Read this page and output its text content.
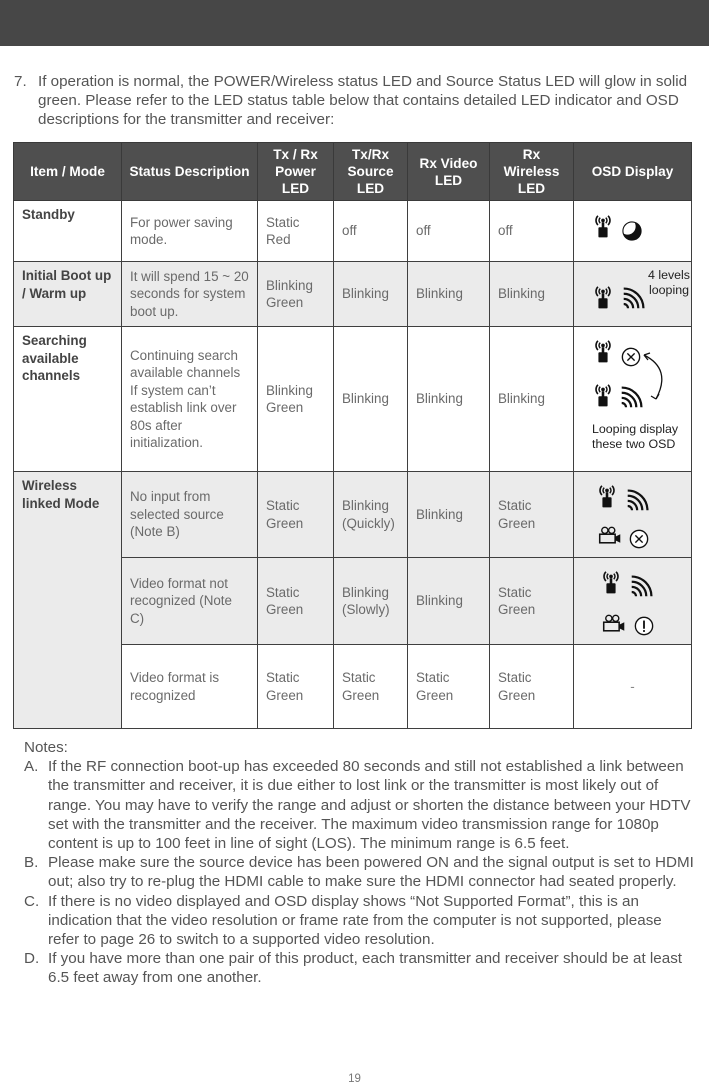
7. If operation is normal, the POWER/Wireless status LED and Source Status LED will glow in solid green. Please refer to the LED status table below that contains detailed LED indicator and OSD descriptions for the transmitter and receiver:
Item / Mode	Status Description	Tx / Rx Power LED	Tx/Rx Source LED	Rx Video LED	Rx Wireless LED	OSD Display
Standby	For power saving mode.	Static Red	off	off	off	

Initial Boot up / Warm up	It will spend 15 ~ 20 seconds for system boot up.	Blinking Green	Blinking	Blinking	Blinking	4 levels looping

Searching available channels	Continuing search available channels If system can’t establish link over 80s after initialization.	Blinking Green	Blinking	Blinking	Blinking	Looping display these two OSD

Wireless linked Mode	No input from selected source (Note B)	Static Green	Blinking (Quickly)	Blinking	Static Green	

	Video format not recognized (Note C)	Static Green	Blinking (Slowly)	Blinking	Static Green	

	Video format is recognized	Static Green	Static Green	Static Green	Static Green	-
Notes:
A. If the RF connection boot-up has exceeded 80 seconds and still not established a link between the transmitter and receiver, it is due either to lost link or the transmitter is most likely out of range. You may have to verify the range and adjust or shorten the distance between your HDTV set with the transmitter and the receiver. The maximum video transmission range for 1080p content is up to 100 feet in line of sight (LOS). The minimum range is 6.5 feet.
B. Please make sure the source device has been powered ON and the signal output is set to HDMI out; also try to re-plug the HDMI cable to make sure the HDMI connector had seated properly.
C. If there is no video displayed and OSD display shows “Not Supported Format”, this is an indication that the video resolution or frame rate from the computer is not supported, please refer to page 26 to switch to a supported video resolution.
D. If you have more than one pair of this product, each transmitter and receiver should be at least 6.5 feet away from one another.
19
